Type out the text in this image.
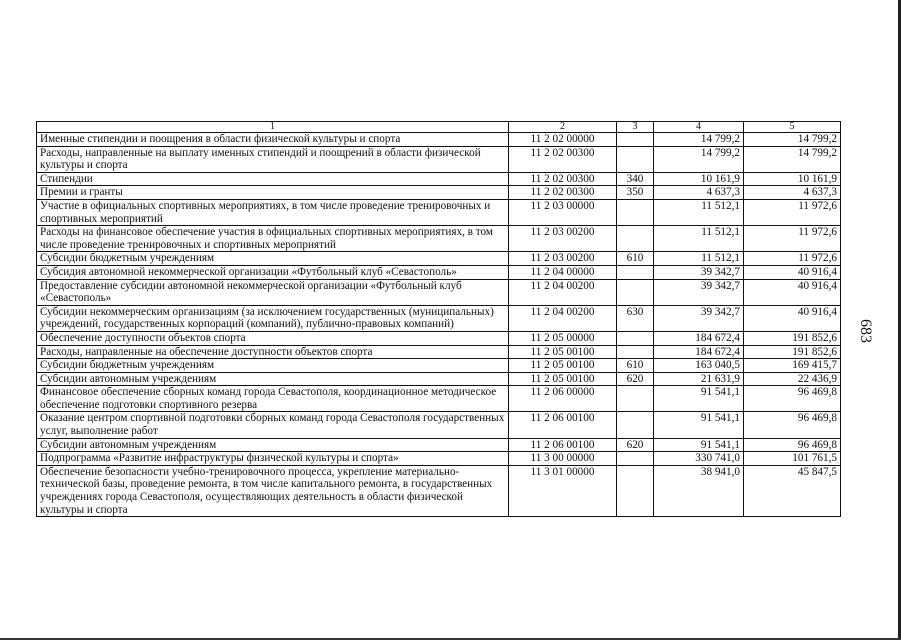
1	2	3	4	5
Именные стипендии и поощрения в области физической культуры и спорта	11 2 02 00000		14 799,2	14 799,2
Расходы, направленные на выплату именных стипендий и поощрений в области физической культуры и спорта	11 2 02 00300		14 799,2	14 799,2
Стипендии	11 2 02 00300	340	10 161,9	10 161,9
Премии и гранты	11 2 02 00300	350	4 637,3	4 637,3
Участие в официальных спортивных мероприятиях, в том числе проведение тренировочных и спортивных мероприятий	11 2 03 00000		11 512,1	11 972,6
Расходы на финансовое обеспечение участия в официальных спортивных мероприятиях, в том числе проведение тренировочных и спортивных мероприятий	11 2 03 00200		11 512,1	11 972,6
Субсидии бюджетным учреждениям	11 2 03 00200	610	11 512,1	11 972,6
Субсидия автономной некоммерческой организации «Футбольный клуб «Севастополь»	11 2 04 00000		39 342,7	40 916,4
Предоставление субсидии автономной некоммерческой организации «Футбольный клуб «Севастополь»	11 2 04 00200		39 342,7	40 916,4
Субсидии некоммерческим организациям (за исключением государственных (муниципальных) учреждений, государственных корпораций (компаний), публично-правовых компаний)	11 2 04 00200	630	39 342,7	40 916,4
Обеспечение доступности объектов спорта	11 2 05 00000		184 672,4	191 852,6
Расходы, направленные на обеспечение доступности объектов спорта	11 2 05 00100		184 672,4	191 852,6
Субсидии бюджетным учреждениям	11 2 05 00100	610	163 040,5	169 415,7
Субсидии автономным учреждениям	11 2 05 00100	620	21 631,9	22 436,9
Финансовое обеспечение сборных команд города Севастополя, координационное методическое обеспечение подготовки спортивного резерва	11 2 06 00000		91 541,1	96 469,8
Оказание центром спортивной подготовки сборных команд города Севастополя государственных услуг, выполнение работ	11 2 06 00100		91 541,1	96 469,8
Субсидии автономным учреждениям	11 2 06 00100	620	91 541,1	96 469,8
Подпрограмма «Развитие инфраструктуры физической культуры и спорта»	11 3 00 00000		330 741,0	101 761,5
Обеспечение безопасности учебно-тренировочного процесса, укрепление материально-технической базы, проведение ремонта, в том числе капитального ремонта, в государственных учреждениях города Севастополя, осуществляющих деятельность в области физической культуры и спорта	11 3 01 00000		38 941,0	45 847,5
683
